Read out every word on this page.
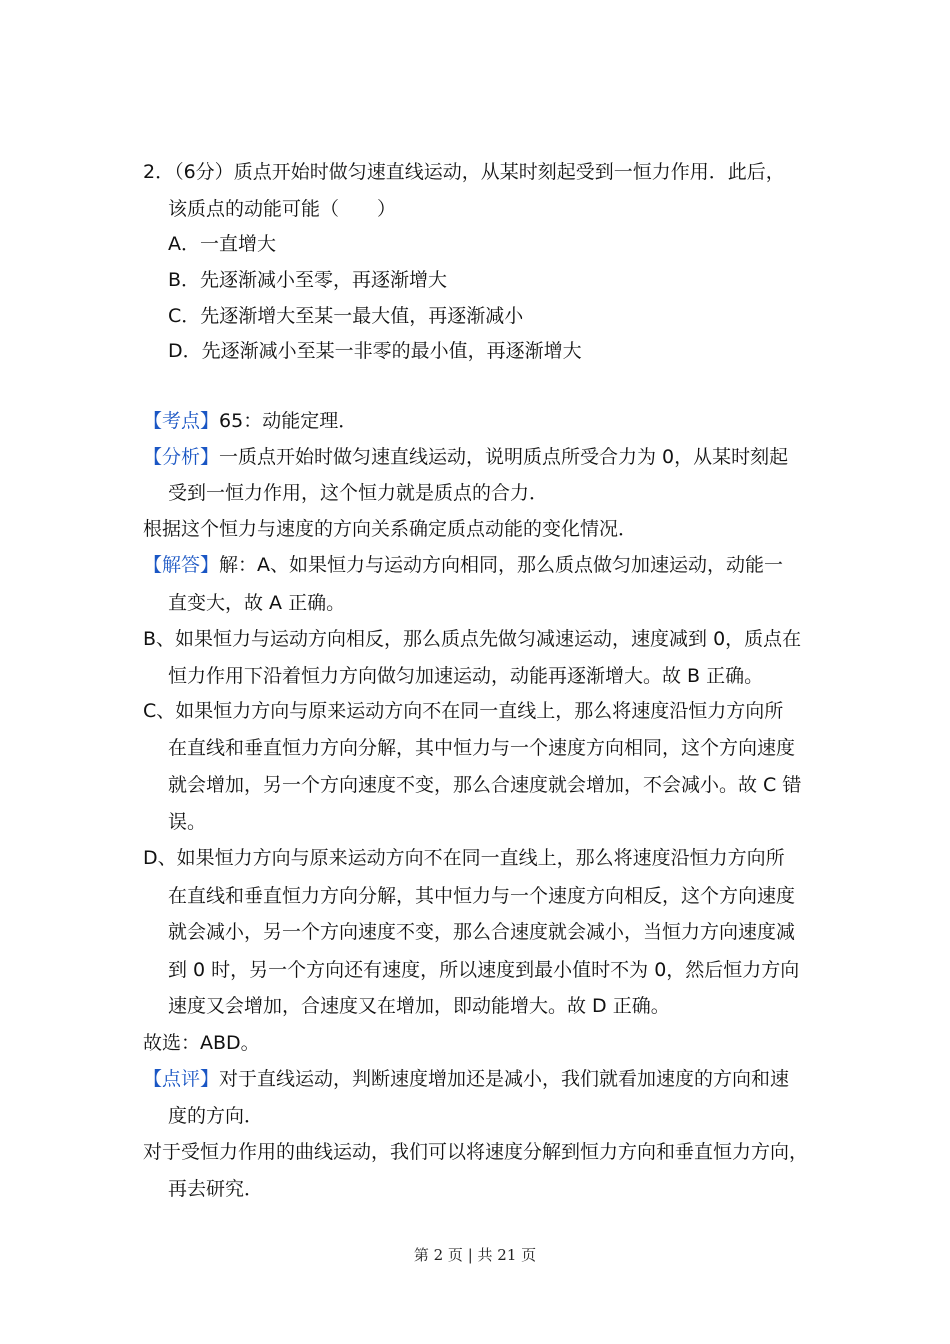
2．（6分）质点开始时做匀速直线运动，从某时刻起受到一恒力作用．此后，
该质点的动能可能（　　）
A．一直增大
B．先逐渐减小至零，再逐渐增大
C．先逐渐增大至某一最大值，再逐渐减小
D．先逐渐减小至某一非零的最小值，再逐渐增大
【考点】65：动能定理．
【分析】一质点开始时做匀速直线运动，说明质点所受合力为 0，从某时刻起
受到一恒力作用，这个恒力就是质点的合力．
根据这个恒力与速度的方向关系确定质点动能的变化情况．
【解答】解：A、如果恒力与运动方向相同，那么质点做匀加速运动，动能一
直变大，故 A 正确。
B、如果恒力与运动方向相反，那么质点先做匀减速运动，速度减到 0，质点在
恒力作用下沿着恒力方向做匀加速运动，动能再逐渐增大。故 B 正确。
C、如果恒力方向与原来运动方向不在同一直线上，那么将速度沿恒力方向所
在直线和垂直恒力方向分解，其中恒力与一个速度方向相同，这个方向速度
就会增加，另一个方向速度不变，那么合速度就会增加，不会减小。故 C 错
误。
D、如果恒力方向与原来运动方向不在同一直线上，那么将速度沿恒力方向所
在直线和垂直恒力方向分解，其中恒力与一个速度方向相反，这个方向速度
就会减小，另一个方向速度不变，那么合速度就会减小，当恒力方向速度减
到 0 时，另一个方向还有速度，所以速度到最小值时不为 0，然后恒力方向
速度又会增加，合速度又在增加，即动能增大。故 D 正确。
故选：ABD。
【点评】对于直线运动，判断速度增加还是减小，我们就看加速度的方向和速
度的方向．
对于受恒力作用的曲线运动，我们可以将速度分解到恒力方向和垂直恒力方向，
再去研究．
第 2 页 | 共 21 页
